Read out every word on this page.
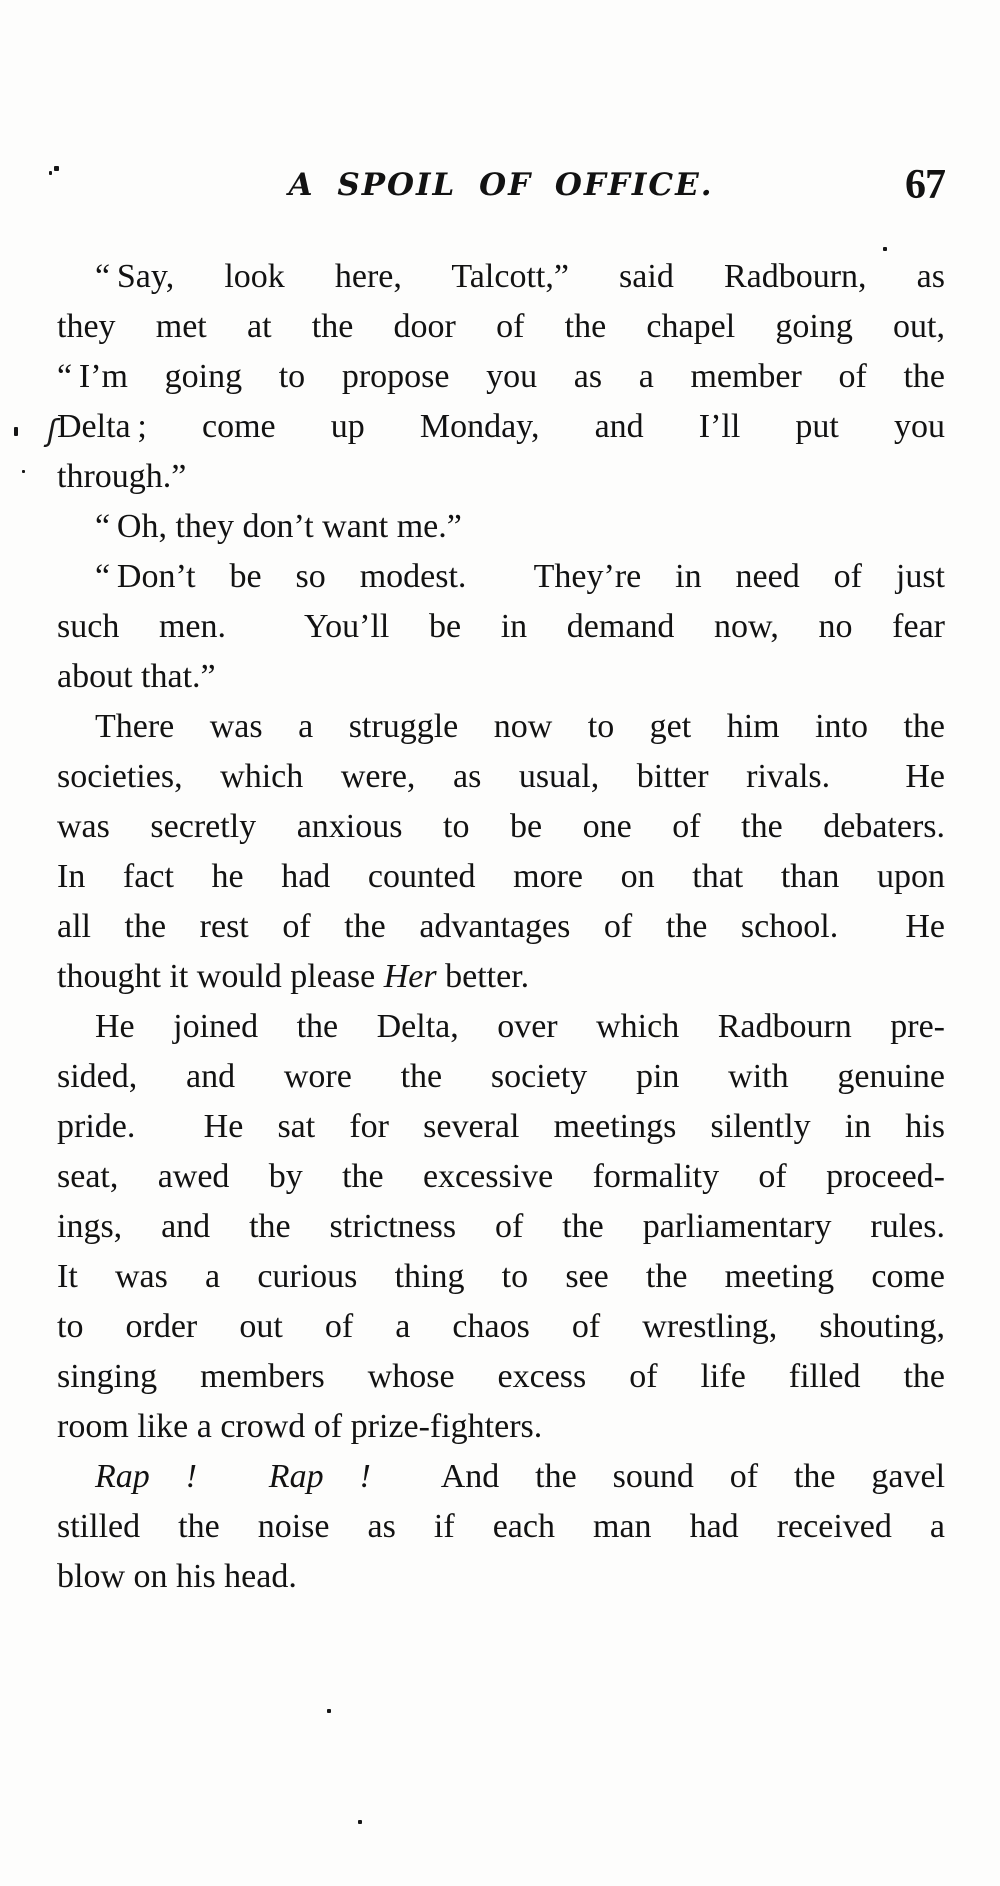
A SPOIL OF OFFICE.	67
“ Say, look here, Talcott,” said Radbourn, as
they met at the door of the chapel going out,
“ I’m going to propose you as a member of the
Delta ; come up Monday, and I’ll put you
through.”
“ Oh, they don’t want me.”
“ Don’t be so modest.  They’re in need of just
such men.  You’ll be in demand now, no fear
about that.”
There was a struggle now to get him into the
societies, which were, as usual, bitter rivals.  He
was secretly anxious to be one of the debaters.
In fact he had counted more on that than upon
all the rest of the advantages of the school.  He
thought it would please Her better.
He joined the Delta, over which Radbourn pre-
sided, and wore the society pin with genuine
pride.  He sat for several meetings silently in his
seat, awed by the excessive formality of proceed-
ings, and the strictness of the parliamentary rules.
It was a curious thing to see the meeting come
to order out of a chaos of wrestling, shouting,
singing members whose excess of life filled the
room like a crowd of prize-fighters.
Rap ! Rap !  And the sound of the gavel
stilled the noise as if each man had received a
blow on his head.
ʃ
